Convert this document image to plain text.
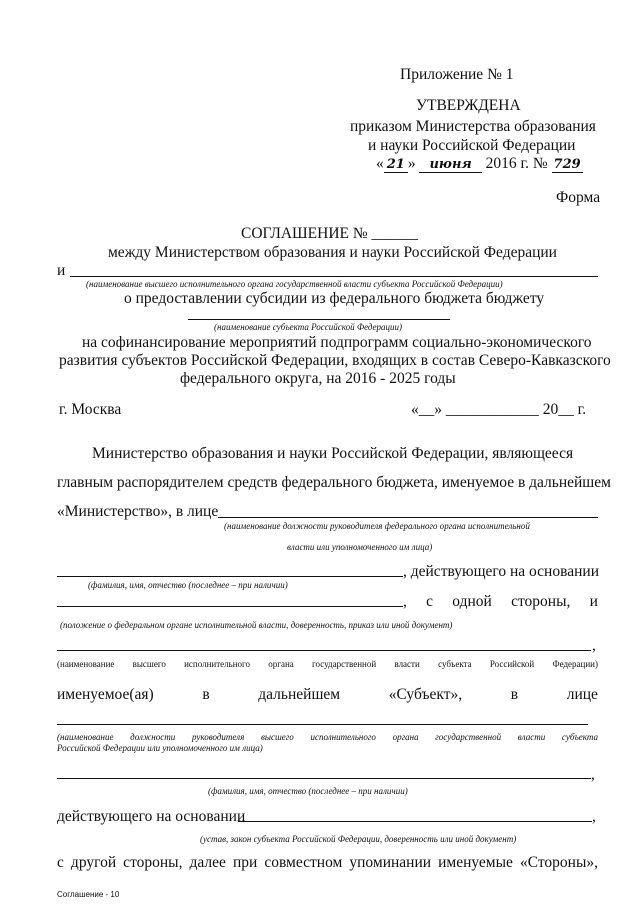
Приложение № 1
УТВЕРЖДЕНА
приказом Министерства образования
и науки Российской Федерации
« 21 » июня 2016 г. № 729
Форма
СОГЛАШЕНИЕ № ______
между Министерством образования и науки Российской Федерации
и
(наименование высшего исполнительного органа государственной власти субъекта Российской Федерации)
о предоставлении субсидии из федерального бюджета бюджету
(наименование субъекта Российской Федерации)
на софинансирование мероприятий подпрограмм социально-экономического
развития субъектов Российской Федерации, входящих в состав Северо-Кавказского
федерального округа, на 2016 - 2025 годы
г. Москва	«__» ____________ 20__ г.
Министерство образования и науки Российской Федерации, являющееся
главным распорядителем средств федерального бюджета, именуемое в дальнейшем
«Министерство», в лице
(наименование должности руководителя федерального органа исполнительной
власти или уполномоченного им лица)
, действующего на основании
(фамилия, имя, отчество (последнее – при наличии)
, с одной стороны, и
(положение о федеральном органе исполнительной власти, доверенность, приказ или иной документ)
,
(наименование высшего исполнительного органа государственной власти субъекта Российской Федерации)
именуемое(ая)	в	дальнейшем	«Субъект»,	в	лице
(наименование должности руководителя высшего исполнительного органа государственной власти субъекта
Российской Федерации или уполномоченного им лица)
,
(фамилия, имя, отчество (последнее – при наличии)
действующего на основании	,
(устав, закон субъекта Российской Федерации, доверенность или иной документ)
с другой стороны, далее при совместном упоминании именуемые «Стороны»,
Соглашение - 10
